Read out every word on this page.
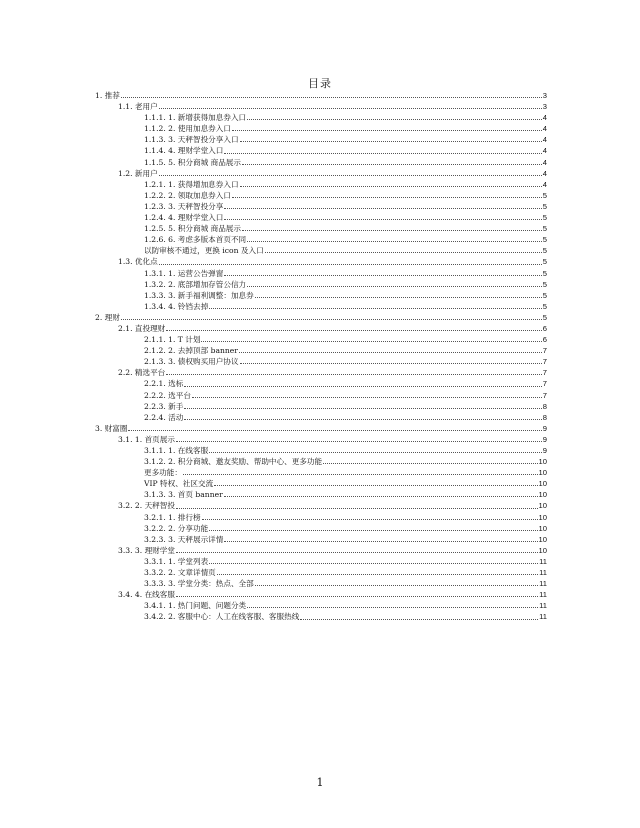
目录
1. 推荐	3
1.1. 老用户	3
1.1.1. 1. 新增获得加息券入口	4
1.1.2. 2. 使用加息券入口	4
1.1.3. 3. 天秤智投分享入口	4
1.1.4. 4. 理财学堂入口	4
1.1.5. 5. 积分商城 商品展示	4
1.2. 新用户	4
1.2.1. 1. 获得增加息券入口	4
1.2.2. 2. 领取加息券入口	5
1.2.3. 3. 天秤智投分享	5
1.2.4. 4. 理财学堂入口	5
1.2.5. 5. 积分商城 商品展示	5
1.2.6. 6. 考虑多版本首页不同	5
以防审核不通过，更换 icon 及入口	5
1.3. 优化点	5
1.3.1. 1. 运营公告弹窗	5
1.3.2. 2. 底部增加存管公信力	5
1.3.3. 3. 新手福利调整：加息券	5
1.3.4. 4. 铃铛去掉	5
2. 理财	5
2.1. 直投理财	6
2.1.1. 1. T 计划	6
2.1.2. 2. 去掉顶部 banner	7
2.1.3. 3. 债权购买用户协议	7
2.2. 精选平台	7
2.2.1. 选标	7
2.2.2. 选平台	7
2.2.3. 新手	8
2.2.4. 活动	8
3. 财富圈	9
3.1. 1. 首页展示	9
3.1.1. 1. 在线客服	9
3.1.2. 2. 积分商城、邀友奖励、帮助中心、更多功能	10
更多功能：	10
VIP 特权、社区交流	10
3.1.3. 3. 首页 banner	10
3.2. 2. 天秤智投	10
3.2.1. 1. 排行榜	10
3.2.2. 2. 分享功能	10
3.2.3. 3. 天秤展示详情	10
3.3. 3. 理财学堂	10
3.3.1. 1. 学堂列表	11
3.3.2. 2. 文章详情页	11
3.3.3. 3. 学堂分类：热点、全部	11
3.4. 4. 在线客服	11
3.4.1. 1. 热门问题、问题分类	11
3.4.2. 2. 客服中心：人工在线客服、客服热线	11
1
